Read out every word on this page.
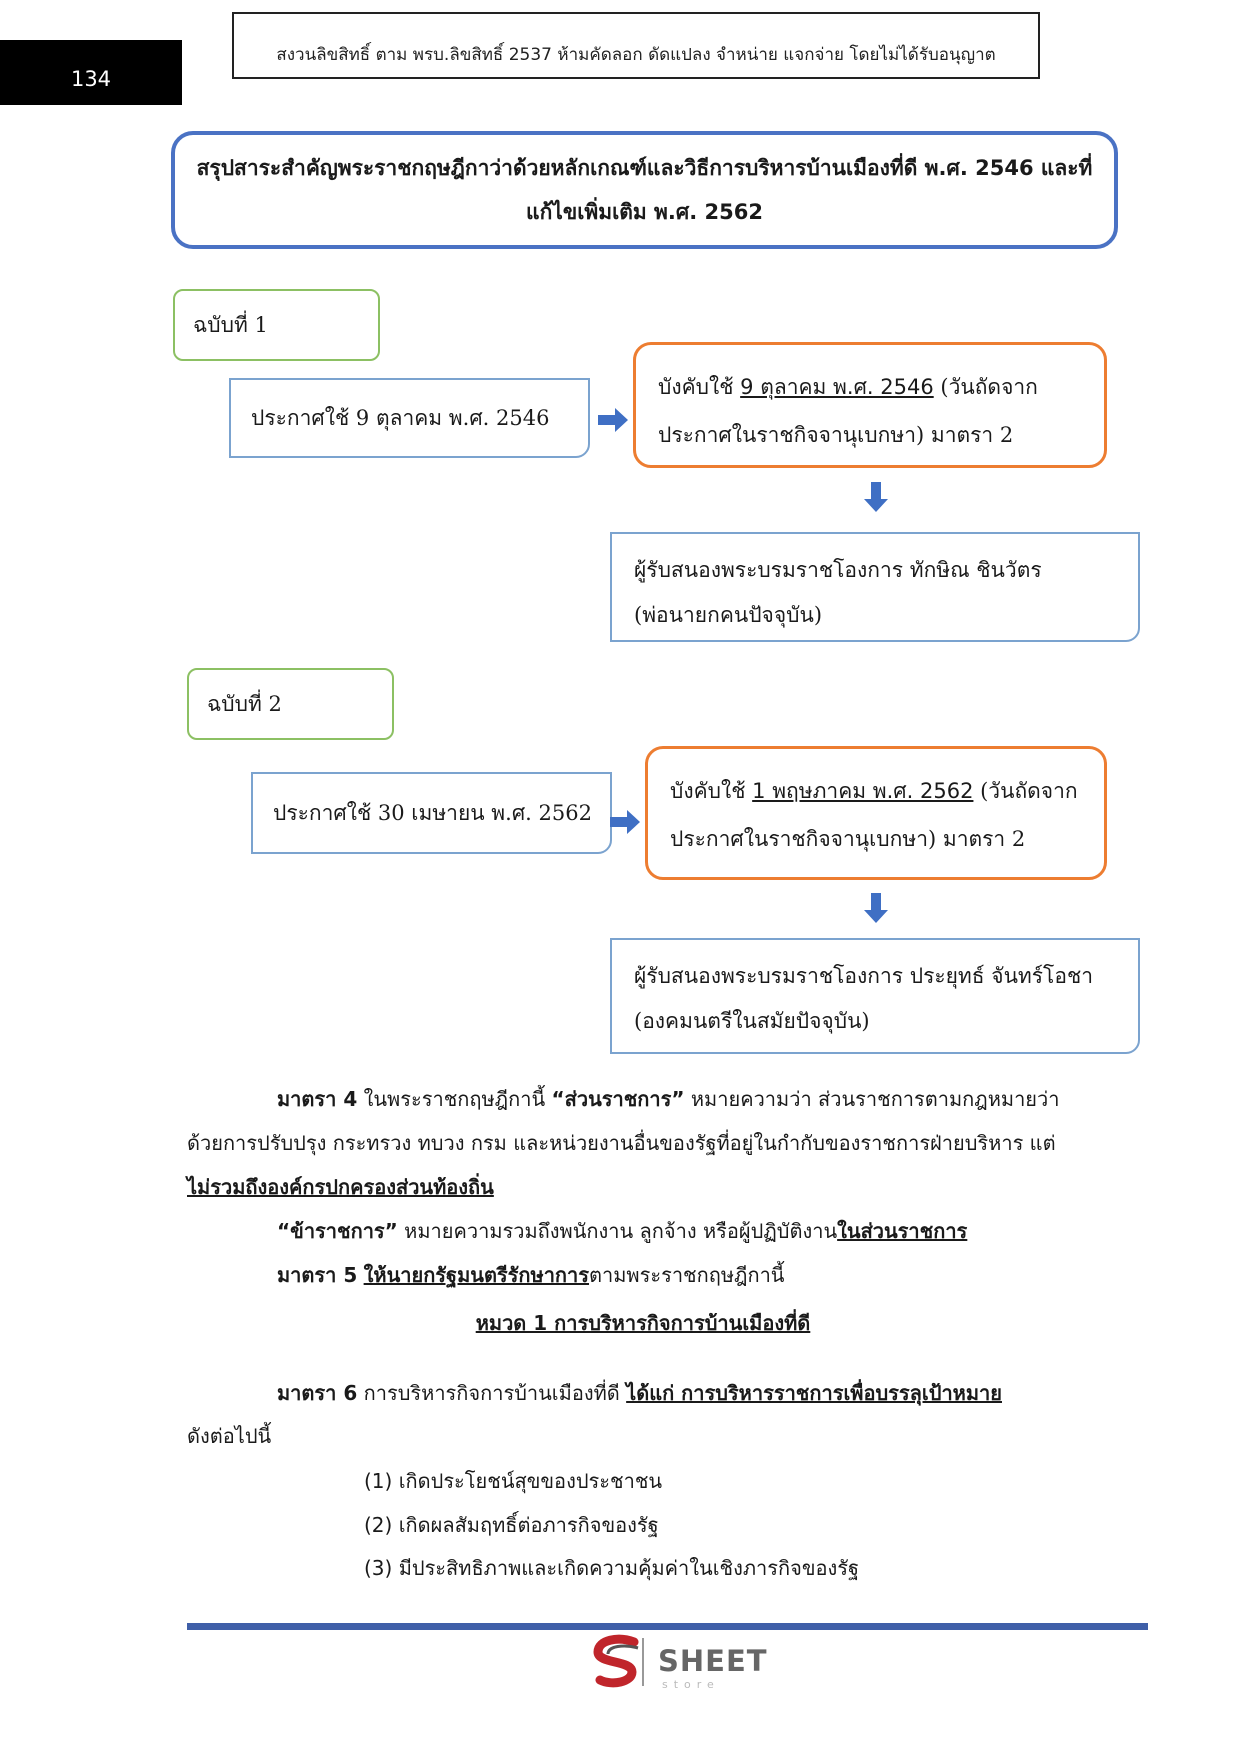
134
สงวนลิขสิทธิ์ ตาม พรบ.ลิขสิทธิ์ 2537 ห้ามคัดลอก ดัดแปลง จำหน่าย แจกจ่าย โดยไม่ได้รับอนุญาต
สรุปสาระสำคัญพระราชกฤษฎีกาว่าด้วยหลักเกณฑ์และวิธีการบริหารบ้านเมืองที่ดี พ.ศ. 2546 และที่
แก้ไขเพิ่มเติม พ.ศ. 2562
ฉบับที่ 1
ประกาศใช้ 9 ตุลาคม พ.ศ. 2546
บังคับใช้ 9 ตุลาคม พ.ศ. 2546 (วันถัดจาก
ประกาศในราชกิจจานุเบกษา) มาตรา 2
ผู้รับสนองพระบรมราชโองการ ทักษิณ ชินวัตร
(พ่อนายกคนปัจจุบัน)
ฉบับที่ 2
ประกาศใช้ 30 เมษายน พ.ศ. 2562
บังคับใช้ 1 พฤษภาคม พ.ศ. 2562 (วันถัดจาก
ประกาศในราชกิจจานุเบกษา) มาตรา 2
ผู้รับสนองพระบรมราชโองการ ประยุทธ์ จันทร์โอชา
(องคมนตรีในสมัยปัจจุบัน)
มาตรา 4 ในพระราชกฤษฎีกานี้ “ส่วนราชการ” หมายความว่า ส่วนราชการตามกฎหมายว่า
ด้วยการปรับปรุง กระทรวง ทบวง กรม และหน่วยงานอื่นของรัฐที่อยู่ในกำกับของราชการฝ่ายบริหาร แต่
ไม่รวมถึงองค์กรปกครองส่วนท้องถิ่น
“ข้าราชการ” หมายความรวมถึงพนักงาน ลูกจ้าง หรือผู้ปฏิบัติงานในส่วนราชการ
มาตรา 5 ให้นายกรัฐมนตรีรักษาการตามพระราชกฤษฎีกานี้
หมวด 1 การบริหารกิจการบ้านเมืองที่ดี
มาตรา 6 การบริหารกิจการบ้านเมืองที่ดี ได้แก่ การบริหารราชการเพื่อบรรลุเป้าหมาย
ดังต่อไปนี้
(1) เกิดประโยชน์สุขของประชาชน
(2) เกิดผลสัมฤทธิ์ต่อภารกิจของรัฐ
(3) มีประสิทธิภาพและเกิดความคุ้มค่าในเชิงภารกิจของรัฐ
SHEET
store
